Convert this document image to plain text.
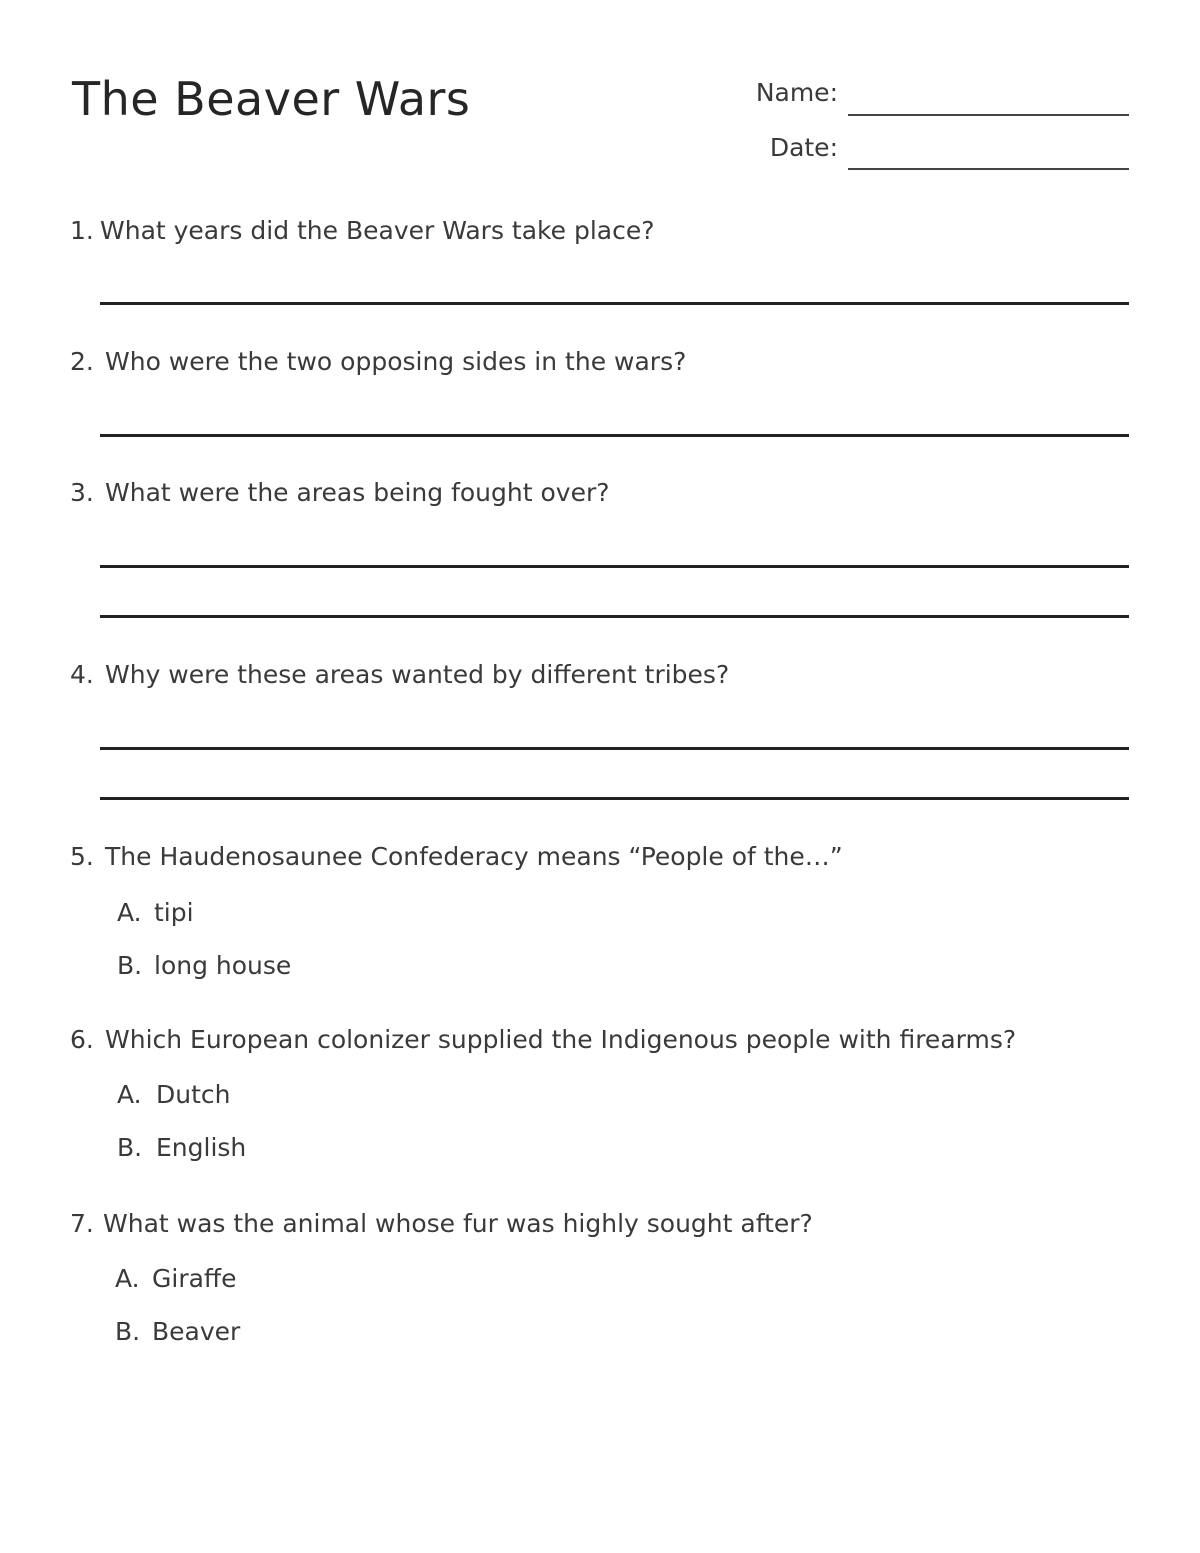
The Beaver Wars	Name:
Date:
1. What years did the Beaver Wars take place?
2. Who were the two opposing sides in the wars?
3. What were the areas being fought over?
4. Why were these areas wanted by different tribes?
5. The Haudenosaunee Confederacy means “People of the…”
A. tipi
B. long house
6. Which European colonizer supplied the Indigenous people with firearms?
A. Dutch
B. English
7. What was the animal whose fur was highly sought after?
A. Giraffe
B. Beaver
